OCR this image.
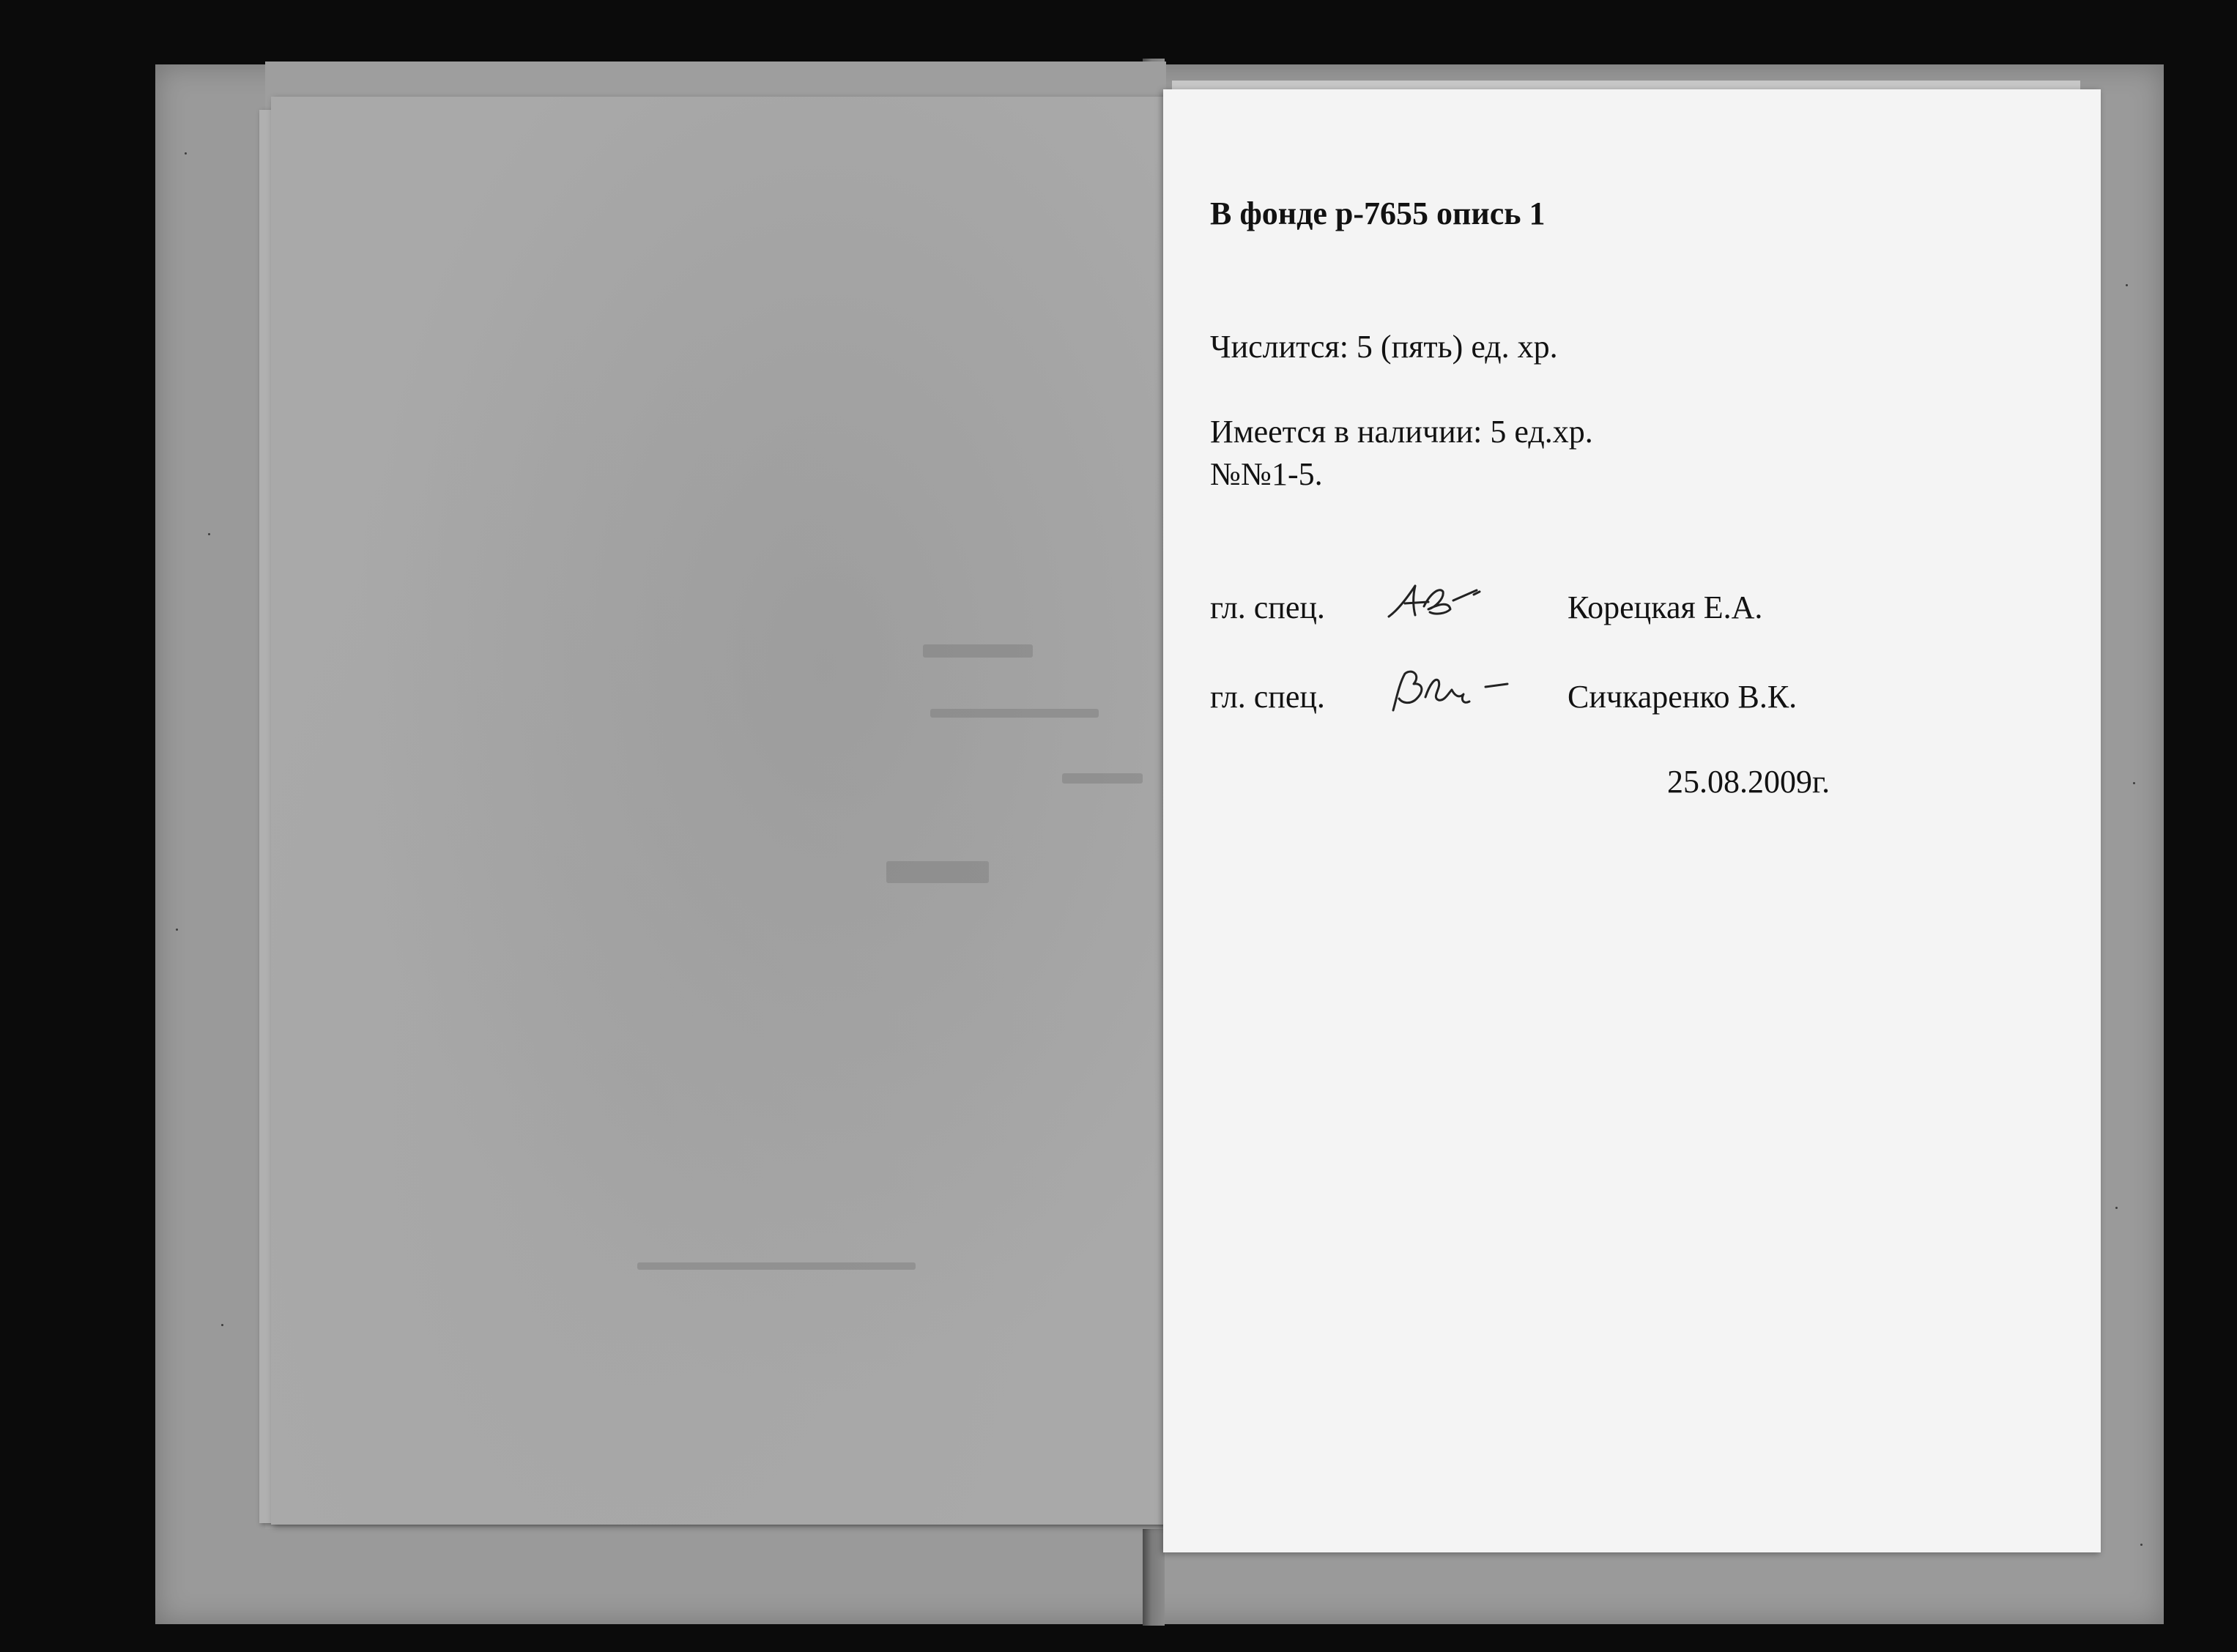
В фонде р-7655 опись 1
Числится: 5 (пять) ед. хр.
Имеется в наличии: 5 ед.хр.
№№1-5.
гл. спец.	Корецкая Е.А.
гл. спец.	Сичкаренко В.К.
25.08.2009г.
